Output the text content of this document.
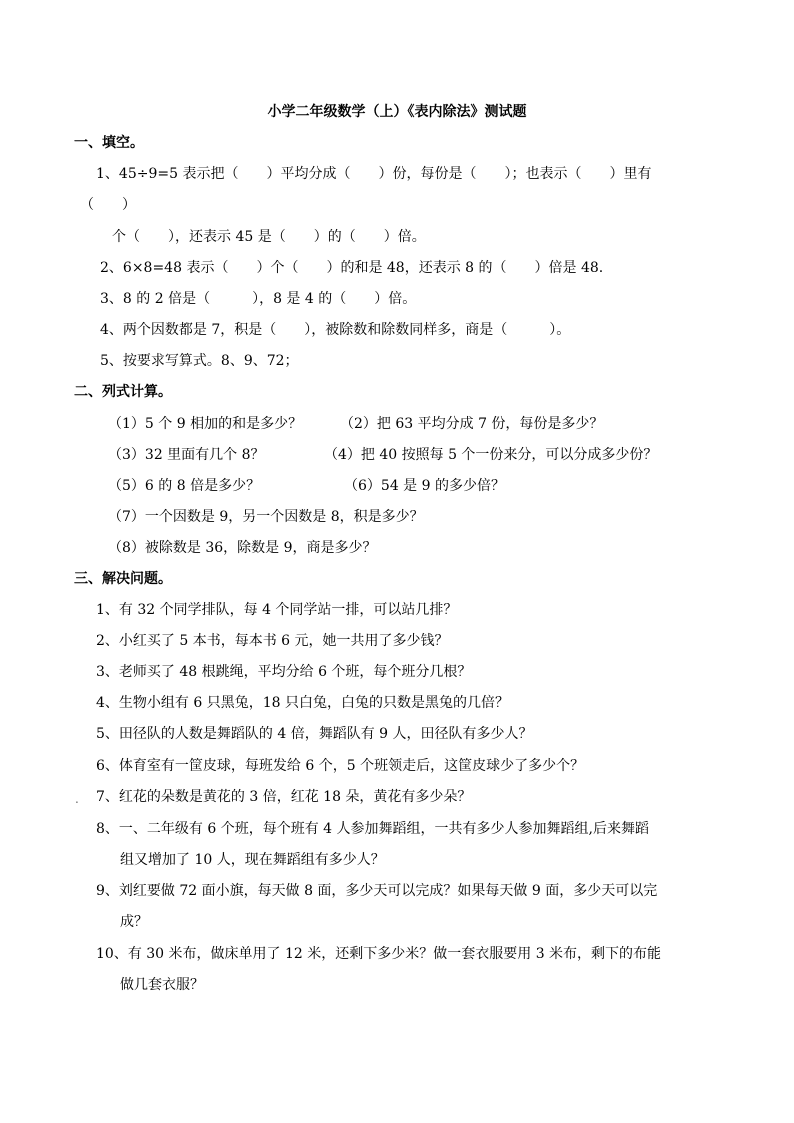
小学二年级数学（上）《表内除法》测试题
一、填空。
1、45÷9=5 表示把（　　）平均分成（　　）份，每份是（　　）；也表示（　　）里有
（　　）
个（　　），还表示 45 是（　　）的（　　）倍。
2、6×8=48 表示（　　）个（　　）的和是 48，还表示 8 的（　　）倍是 48.
3、8 的 2 倍是（　　　），8 是 4 的（　　）倍。
4、两个因数都是 7，积是（　　），被除数和除数同样多，商是（　　　）。
5、按要求写算式。8、9、72；
二、列式计算。
（1）5 个 9 相加的和是多少？	（2）把 63 平均分成 7 份，每份是多少？
（3）32 里面有几个 8？	（4）把 40 按照每 5 个一份来分，可以分成多少份？
（5）6 的 8 倍是多少？	（6）54 是 9 的多少倍？
（7）一个因数是 9，另一个因数是 8，积是多少？
（8）被除数是 36，除数是 9，商是多少？
三、解决问题。
1、有 32 个同学排队，每 4 个同学站一排，可以站几排？
2、小红买了 5 本书，每本书 6 元，她一共用了多少钱？
3、老师买了 48 根跳绳，平均分给 6 个班，每个班分几根？
4、生物小组有 6 只黑兔，18 只白兔，白兔的只数是黑兔的几倍？
5、田径队的人数是舞蹈队的 4 倍，舞蹈队有 9 人，田径队有多少人？
6、体育室有一筐皮球，每班发给 6 个，5 个班领走后，这筐皮球少了多少个？
. 7、红花的朵数是黄花的 3 倍，红花 18 朵，黄花有多少朵？
8、一、二年级有 6 个班，每个班有 4 人参加舞蹈组，一共有多少人参加舞蹈组,后来舞蹈
组又增加了 10 人，现在舞蹈组有多少人？
9、刘红要做 72 面小旗，每天做 8 面，多少天可以完成？如果每天做 9 面，多少天可以完
成？
10、有 30 米布，做床单用了 12 米，还剩下多少米？做一套衣服要用 3 米布，剩下的布能
做几套衣服？
